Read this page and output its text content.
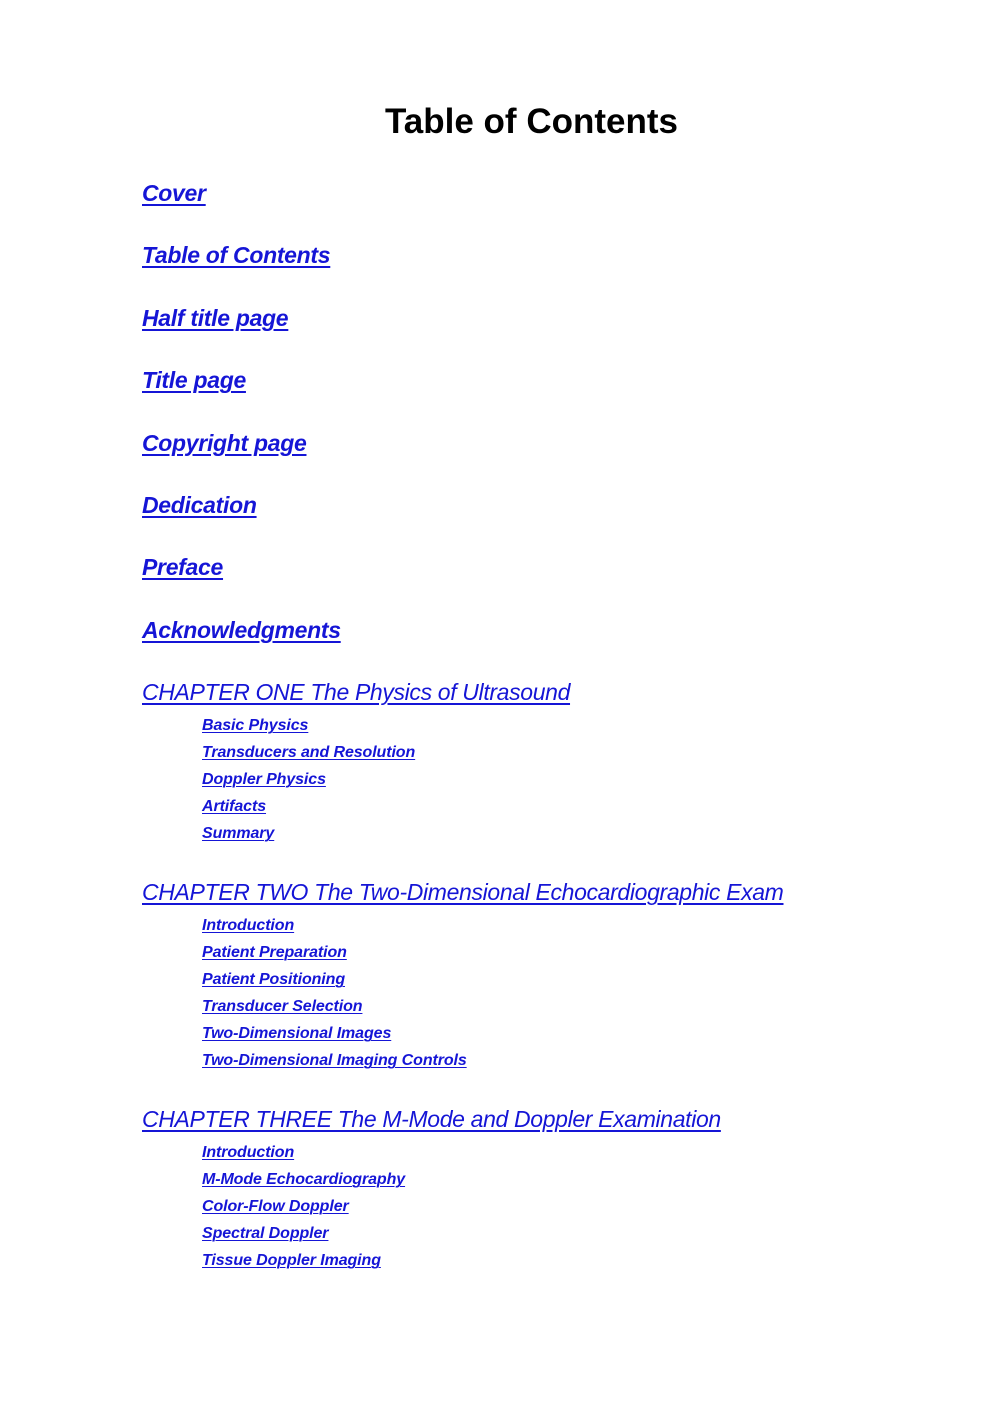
Table of Contents
Cover
Table of Contents
Half title page
Title page
Copyright page
Dedication
Preface
Acknowledgments
CHAPTER ONE The Physics of Ultrasound
Basic Physics
Transducers and Resolution
Doppler Physics
Artifacts
Summary
CHAPTER TWO The Two-Dimensional Echocardiographic Exam
Introduction
Patient Preparation
Patient Positioning
Transducer Selection
Two-Dimensional Images
Two-Dimensional Imaging Controls
CHAPTER THREE The M-Mode and Doppler Examination
Introduction
M-Mode Echocardiography
Color-Flow Doppler
Spectral Doppler
Tissue Doppler Imaging
